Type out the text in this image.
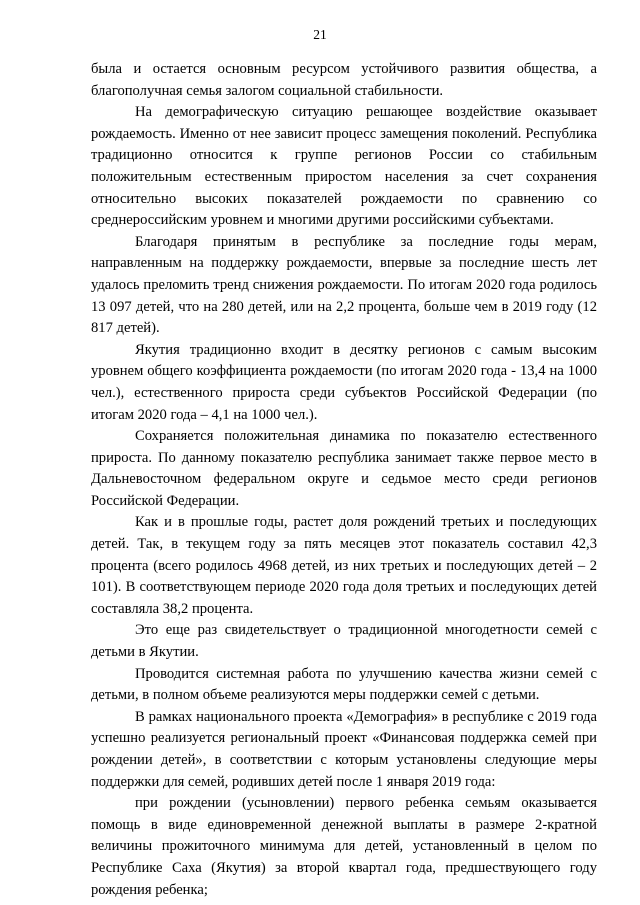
21

была и остается основным ресурсом устойчивого развития общества, а благополучная семья залогом социальной стабильности.

На демографическую ситуацию решающее воздействие оказывает рождаемость. Именно от нее зависит процесс замещения поколений. Республика традиционно относится к группе регионов России со стабильным положительным естественным приростом населения за счет сохранения относительно высоких показателей рождаемости по сравнению со среднероссийским уровнем и многими другими российскими субъектами.

Благодаря принятым в республике за последние годы мерам, направленным на поддержку рождаемости, впервые за последние шесть лет удалось преломить тренд снижения рождаемости. По итогам 2020 года родилось 13 097 детей, что на 280 детей, или на 2,2 процента, больше чем в 2019 году (12 817 детей).

Якутия традиционно входит в десятку регионов с самым высоким уровнем общего коэффициента рождаемости (по итогам 2020 года - 13,4 на 1000 чел.), естественного прироста среди субъектов Российской Федерации (по итогам 2020 года – 4,1 на 1000 чел.).

Сохраняется положительная динамика по показателю естественного прироста. По данному показателю республика занимает также первое место в Дальневосточном федеральном округе и седьмое место среди регионов Российской Федерации.

Как и в прошлые годы, растет доля рождений третьих и последующих детей. Так, в текущем году за пять месяцев этот показатель составил 42,3 процента (всего родилось 4968 детей, из них третьих и последующих детей – 2 101). В соответствующем периоде 2020 года доля третьих и последующих детей составляла 38,2 процента.

Это еще раз свидетельствует о традиционной многодетности семей с детьми в Якутии.

Проводится системная работа по улучшению качества жизни семей с детьми, в полном объеме реализуются меры поддержки семей с детьми.

В рамках национального проекта «Демография» в республике с 2019 года успешно реализуется региональный проект «Финансовая поддержка семей при рождении детей», в соответствии с которым установлены следующие меры поддержки для семей, родивших детей после 1 января 2019 года:

при рождении (усыновлении) первого ребенка семьям оказывается помощь в виде единовременной денежной выплаты в размере 2-кратной величины прожиточного минимума для детей, установленный в целом по Республике Саха (Якутия) за второй квартал года, предшествующего году рождения ребенка;
